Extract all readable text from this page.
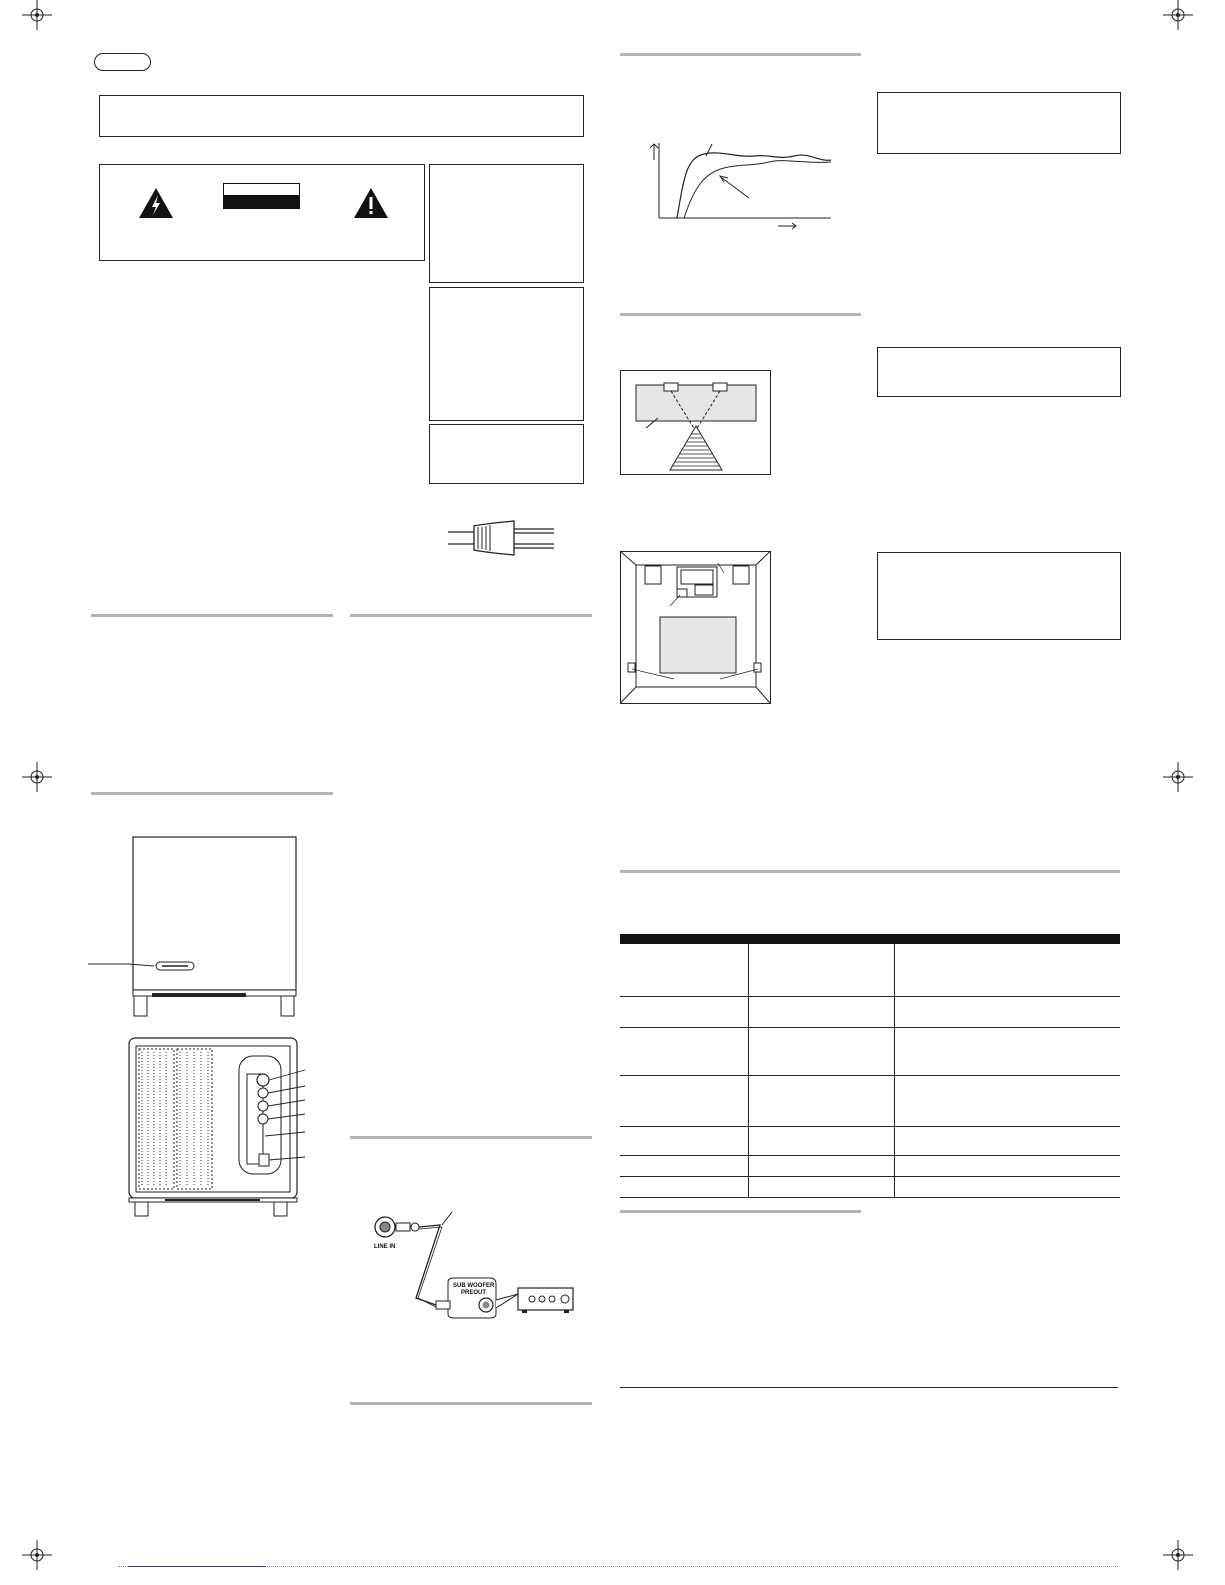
LINE IN
SUB WOOFER
PREOUT
